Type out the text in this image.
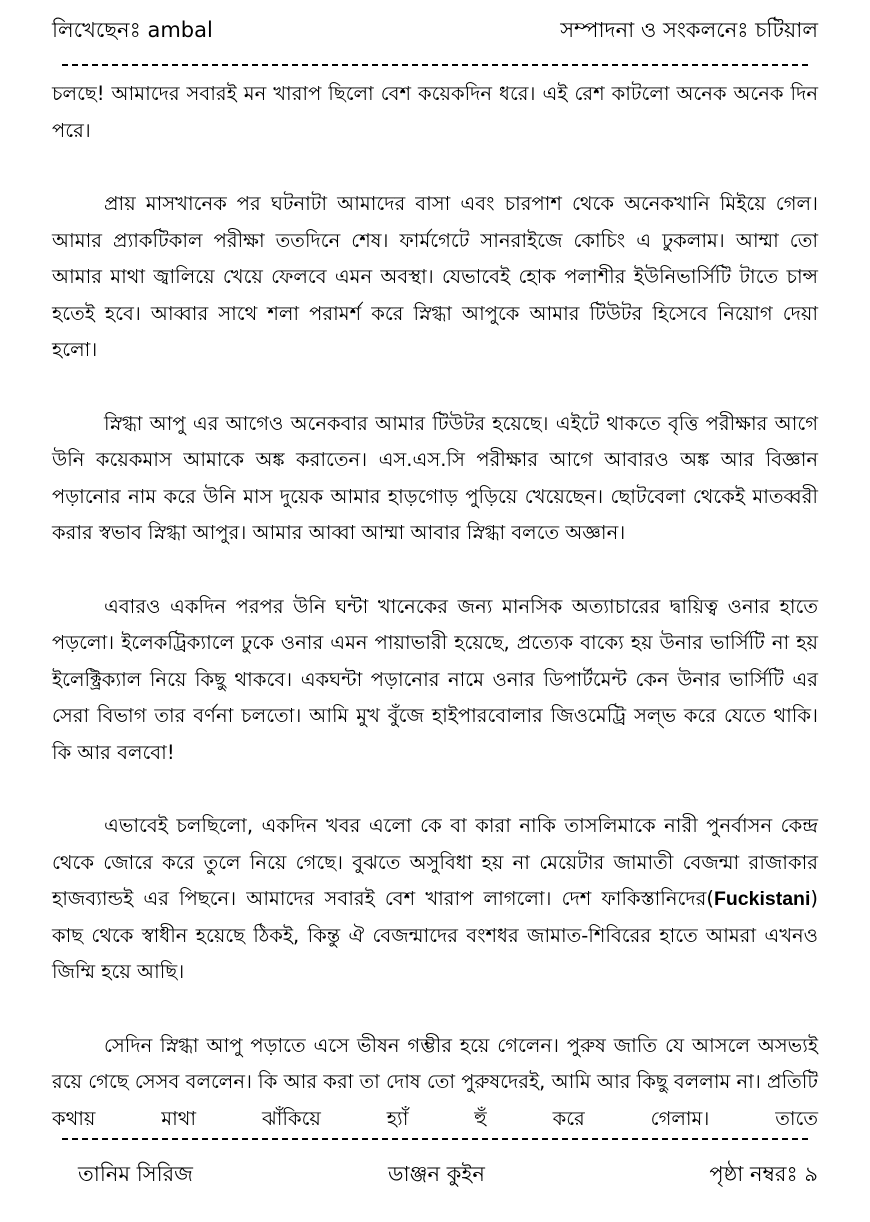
লিখেছেনঃ ambal	সম্পাদনা ও সংকলনেঃ চটিয়াল

চলছে! আমাদের সবারই মন খারাপ ছিলো বেশ কয়েকদিন ধরে। এই রেশ কাটলো অনেক অনেক দিন পরে।

প্রায় মাসখানেক পর ঘটনাটা আমাদের বাসা এবং চারপাশ থেকে অনেকখানি মিইয়ে গেল। আমার প্র্যাকটিকাল পরীক্ষা ততদিনে শেষ। ফার্মগেটে সানরাইজে কোচিং এ ঢুকলাম। আম্মা তো আমার মাথা জ্বালিয়ে খেয়ে ফেলবে এমন অবস্থা। যেভাবেই হোক পলাশীর ইউনিভার্সিটি টাতে চান্স হতেই হবে। আব্বার সাথে শলা পরামর্শ করে স্নিগ্ধা আপুকে আমার টিউটর হিসেবে নিয়োগ দেয়া হলো।

স্নিগ্ধা আপু এর আগেও অনেকবার আমার টিউটর হয়েছে। এইটে থাকতে বৃত্তি পরীক্ষার আগে উনি কয়েকমাস আমাকে অঙ্ক করাতেন। এস.এস.সি পরীক্ষার আগে আবারও অঙ্ক আর বিজ্ঞান পড়ানোর নাম করে উনি মাস দুয়েক আমার হাড়গোড় পুড়িয়ে খেয়েছেন। ছোটবেলা থেকেই মাতব্বরী করার স্বভাব স্নিগ্ধা আপুর। আমার আব্বা আম্মা আবার স্নিগ্ধা বলতে অজ্ঞান।

এবারও একদিন পরপর উনি ঘন্টা খানেকের জন্য মানসিক অত্যাচারের দ্বায়িত্ব ওনার হাতে পড়লো। ইলেকট্রিক্যালে ঢুকে ওনার এমন পায়াভারী হয়েছে, প্রত্যেক বাক্যে হয় উনার ভার্সিটি না হয় ইলেক্ট্রিক্যাল নিয়ে কিছু থাকবে। একঘন্টা পড়ানোর নামে ওনার ডিপার্টমেন্ট কেন উনার ভার্সিটি এর সেরা বিভাগ তার বর্ণনা চলতো। আমি মুখ বুঁজে হাইপারবোলার জিওমেট্রি সল্ভ করে যেতে থাকি। কি আর বলবো!

এভাবেই চলছিলো, একদিন খবর এলো কে বা কারা নাকি তাসলিমাকে নারী পুনর্বাসন কেন্দ্র থেকে জোরে করে তুলে নিয়ে গেছে। বুঝতে অসুবিধা হয় না মেয়েটার জামাতী বেজন্মা রাজাকার হাজব্যান্ডই এর পিছনে। আমাদের সবারই বেশ খারাপ লাগলো। দেশ ফাকিস্তানিদের(Fuckistani) কাছ থেকে স্বাধীন হয়েছে ঠিকই, কিন্তু ঐ বেজন্মাদের বংশধর জামাত-শিবিরের হাতে আমরা এখনও জিম্মি হয়ে আছি।

সেদিন স্নিগ্ধা আপু পড়াতে এসে ভীষন গম্ভীর হয়ে গেলেন। পুরুষ জাতি যে আসলে অসভ্যই রয়ে গেছে সেসব বললেন। কি আর করা তা দোষ তো পুরুষদেরই, আমি আর কিছু বললাম না। প্রতিটি কথায় মাথা ঝাঁকিয়ে হ্যাঁ হুঁ করে গেলাম। তাতে

তানিম সিরিজ	ডাঞ্জন কুইন	পৃষ্ঠা নম্বরঃ ৯
